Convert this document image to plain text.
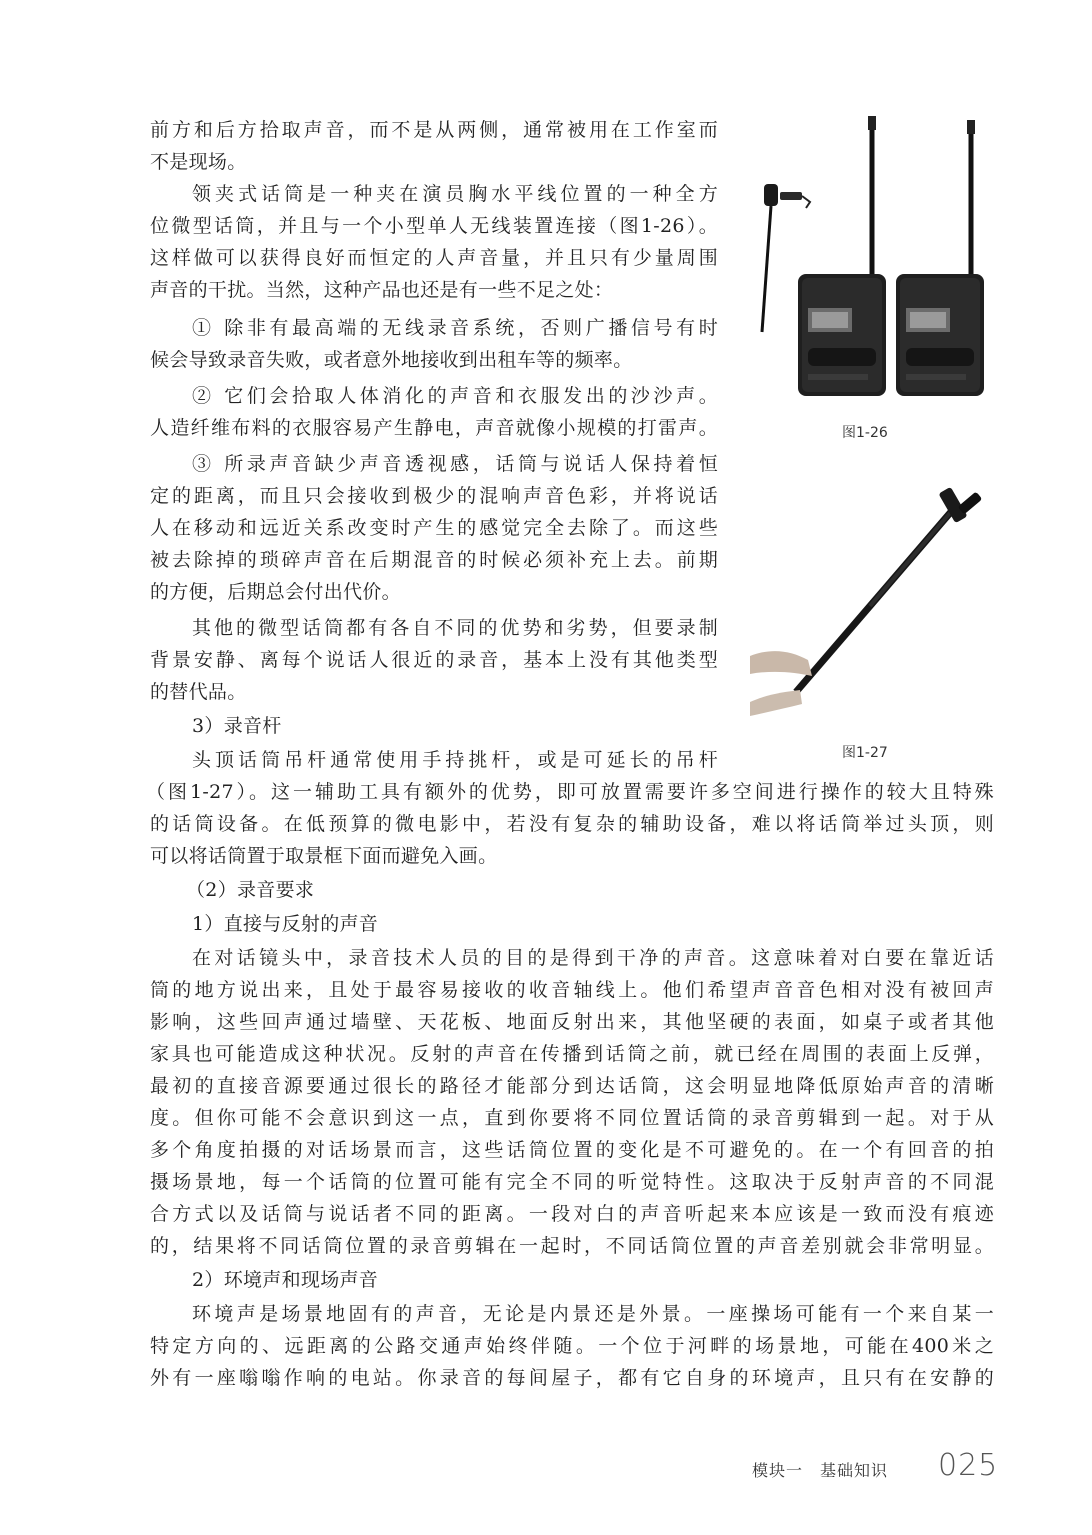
前方和后方拾取声音，而不是从两侧，通常被用在工作室而
不是现场。
领夹式话筒是一种夹在演员胸水平线位置的一种全方
位微型话筒，并且与一个小型单人无线装置连接（图1-26）。
这样做可以获得良好而恒定的人声音量，并且只有少量周围
声音的干扰。当然，这种产品也还是有一些不足之处：
① 除非有最高端的无线录音系统，否则广播信号有时
候会导致录音失败，或者意外地接收到出租车等的频率。
② 它们会拾取人体消化的声音和衣服发出的沙沙声。
人造纤维布料的衣服容易产生静电，声音就像小规模的打雷声。
③ 所录声音缺少声音透视感，话筒与说话人保持着恒
定的距离，而且只会接收到极少的混响声音色彩，并将说话
人在移动和远近关系改变时产生的感觉完全去除了。而这些
被去除掉的琐碎声音在后期混音的时候必须补充上去。前期
的方便，后期总会付出代价。
其他的微型话筒都有各自不同的优势和劣势，但要录制
背景安静、离每个说话人很近的录音，基本上没有其他类型
的替代品。
3）录音杆
头顶话筒吊杆通常使用手持挑杆，或是可延长的吊杆
（图1-27）。这一辅助工具有额外的优势，即可放置需要许多空间进行操作的较大且特殊
的话筒设备。在低预算的微电影中，若没有复杂的辅助设备，难以将话筒举过头顶，则
可以将话筒置于取景框下面而避免入画。
（2）录音要求
1）直接与反射的声音
在对话镜头中，录音技术人员的目的是得到干净的声音。这意味着对白要在靠近话
筒的地方说出来，且处于最容易接收的收音轴线上。他们希望声音音色相对没有被回声
影响，这些回声通过墙壁、天花板、地面反射出来，其他坚硬的表面，如桌子或者其他
家具也可能造成这种状况。反射的声音在传播到话筒之前，就已经在周围的表面上反弹，
最初的直接音源要通过很长的路径才能部分到达话筒，这会明显地降低原始声音的清晰
度。但你可能不会意识到这一点，直到你要将不同位置话筒的录音剪辑到一起。对于从
多个角度拍摄的对话场景而言，这些话筒位置的变化是不可避免的。在一个有回音的拍
摄场景地，每一个话筒的位置可能有完全不同的听觉特性。这取决于反射声音的不同混
合方式以及话筒与说话者不同的距离。一段对白的声音听起来本应该是一致而没有痕迹
的，结果将不同话筒位置的录音剪辑在一起时，不同话筒位置的声音差别就会非常明显。
2）环境声和现场声音
环境声是场景地固有的声音，无论是内景还是外景。一座操场可能有一个来自某一
特定方向的、远距离的公路交通声始终伴随。一个位于河畔的场景地，可能在400米之
外有一座嗡嗡作响的电站。你录音的每间屋子，都有它自身的环境声，且只有在安静的
图1-26
图1-27
模块一　基础知识 025
